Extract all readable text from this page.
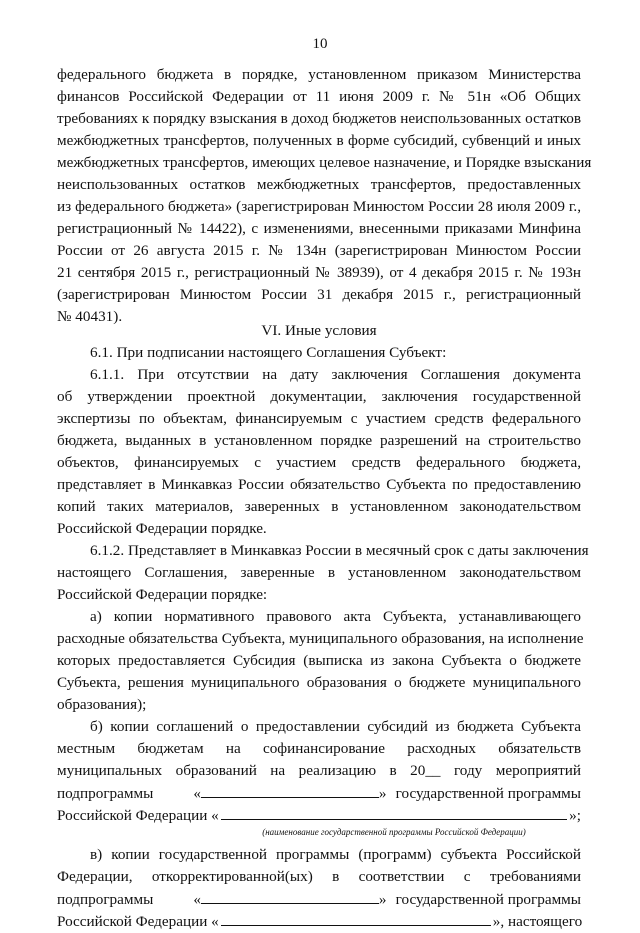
10
федерального бюджета в порядке, установленном приказом Министерства
финансов Российской Федерации от 11 июня 2009 г. № 51н «Об Общих
требованиях к порядку взыскания в доход бюджетов неиспользованных остатков
межбюджетных трансфертов, полученных в форме субсидий, субвенций и иных
межбюджетных трансфертов, имеющих целевое назначение, и Порядке взыскания
неиспользованных остатков межбюджетных трансфертов, предоставленных
из федерального бюджета» (зарегистрирован Минюстом России 28 июля 2009 г.,
регистрационный № 14422), с изменениями, внесенными приказами Минфина
России от 26 августа 2015 г. № 134н (зарегистрирован Минюстом России
21 сентября 2015 г., регистрационный № 38939), от 4 декабря 2015 г. № 193н
(зарегистрирован Минюстом России 31 декабря 2015 г., регистрационный
№ 40431).
VI. Иные условия
6.1. При подписании настоящего Соглашения Субъект:
6.1.1. При отсутствии на дату заключения Соглашения документа
об утверждении проектной документации, заключения государственной
экспертизы по объектам, финансируемым с участием средств федерального
бюджета, выданных в установленном порядке разрешений на строительство
объектов, финансируемых с участием средств федерального бюджета,
представляет в Минкавказ России обязательство Субъекта по предоставлению
копий таких материалов, заверенных в установленном законодательством
Российской Федерации порядке.
6.1.2. Представляет в Минкавказ России в месячный срок с даты заключения
настоящего Соглашения, заверенные в установленном законодательством
Российской Федерации порядке:
а) копии нормативного правового акта Субъекта, устанавливающего
расходные обязательства Субъекта, муниципального образования, на исполнение
которых предоставляется Субсидия (выписка из закона Субъекта о бюджете
Субъекта, решения муниципального образования о бюджете муниципального
образования);
б) копии соглашений о предоставлении субсидий из бюджета Субъекта
местным бюджетам на софинансирование расходных обязательств
муниципальных образований на реализацию в 20__ году мероприятий
подпрограммы	«	» государственной программы
Российской Федерации «	»;
(наименование государственной программы Российской Федерации)
в) копии государственной программы (программ) субъекта Российской
Федерации, откорректированной(ых) в соответствии с требованиями
подпрограммы	«	» государственной программы
Российской Федерации «	», настоящего
